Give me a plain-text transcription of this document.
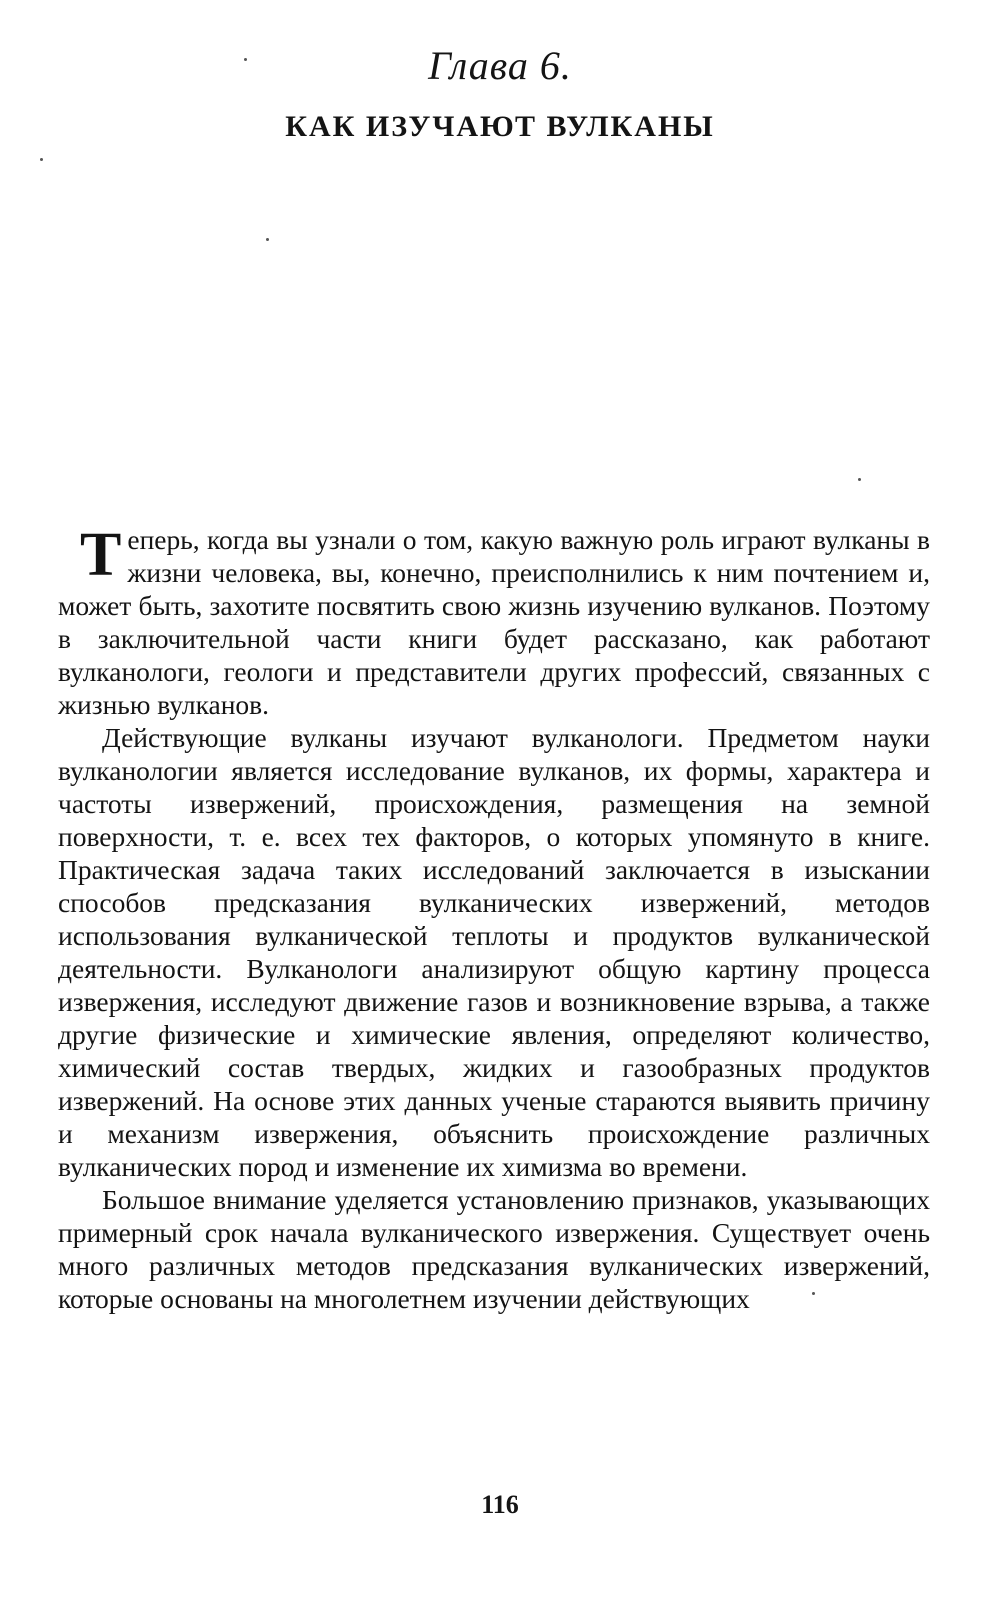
Глава 6.
КАК ИЗУЧАЮТ ВУЛКАНЫ

Теперь, когда вы узнали о том, какую важную роль играют вулканы в жизни человека, вы, конечно, преисполнились к ним почтением и, может быть, захотите посвятить свою жизнь изучению вулканов. Поэтому в заключительной части книги будет рассказано, как работают вулканологи, геологи и представители других профессий, связанных с жизнью вулканов.

Действующие вулканы изучают вулканологи. Предметом науки вулканологии является исследование вулканов, их формы, характера и частоты извержений, происхождения, размещения на земной поверхности, т. е. всех тех факторов, о которых упомянуто в книге. Практическая задача таких исследований заключается в изыскании способов предсказания вулканических извержений, методов использования вулканической теплоты и продуктов вулканической деятельности. Вулканологи анализируют общую картину процесса извержения, исследуют движение газов и возникновение взрыва, а также другие физические и химические явления, определяют количество, химический состав твердых, жидких и газообразных продуктов извержений. На основе этих данных ученые стараются выявить причину и механизм извержения, объяснить происхождение различных вулканических пород и изменение их химизма во времени.

Большое внимание уделяется установлению признаков, указывающих примерный срок начала вулканического извержения. Существует очень много различных методов предсказания вулканических извержений, которые основаны на многолетнем изучении действующих

116
